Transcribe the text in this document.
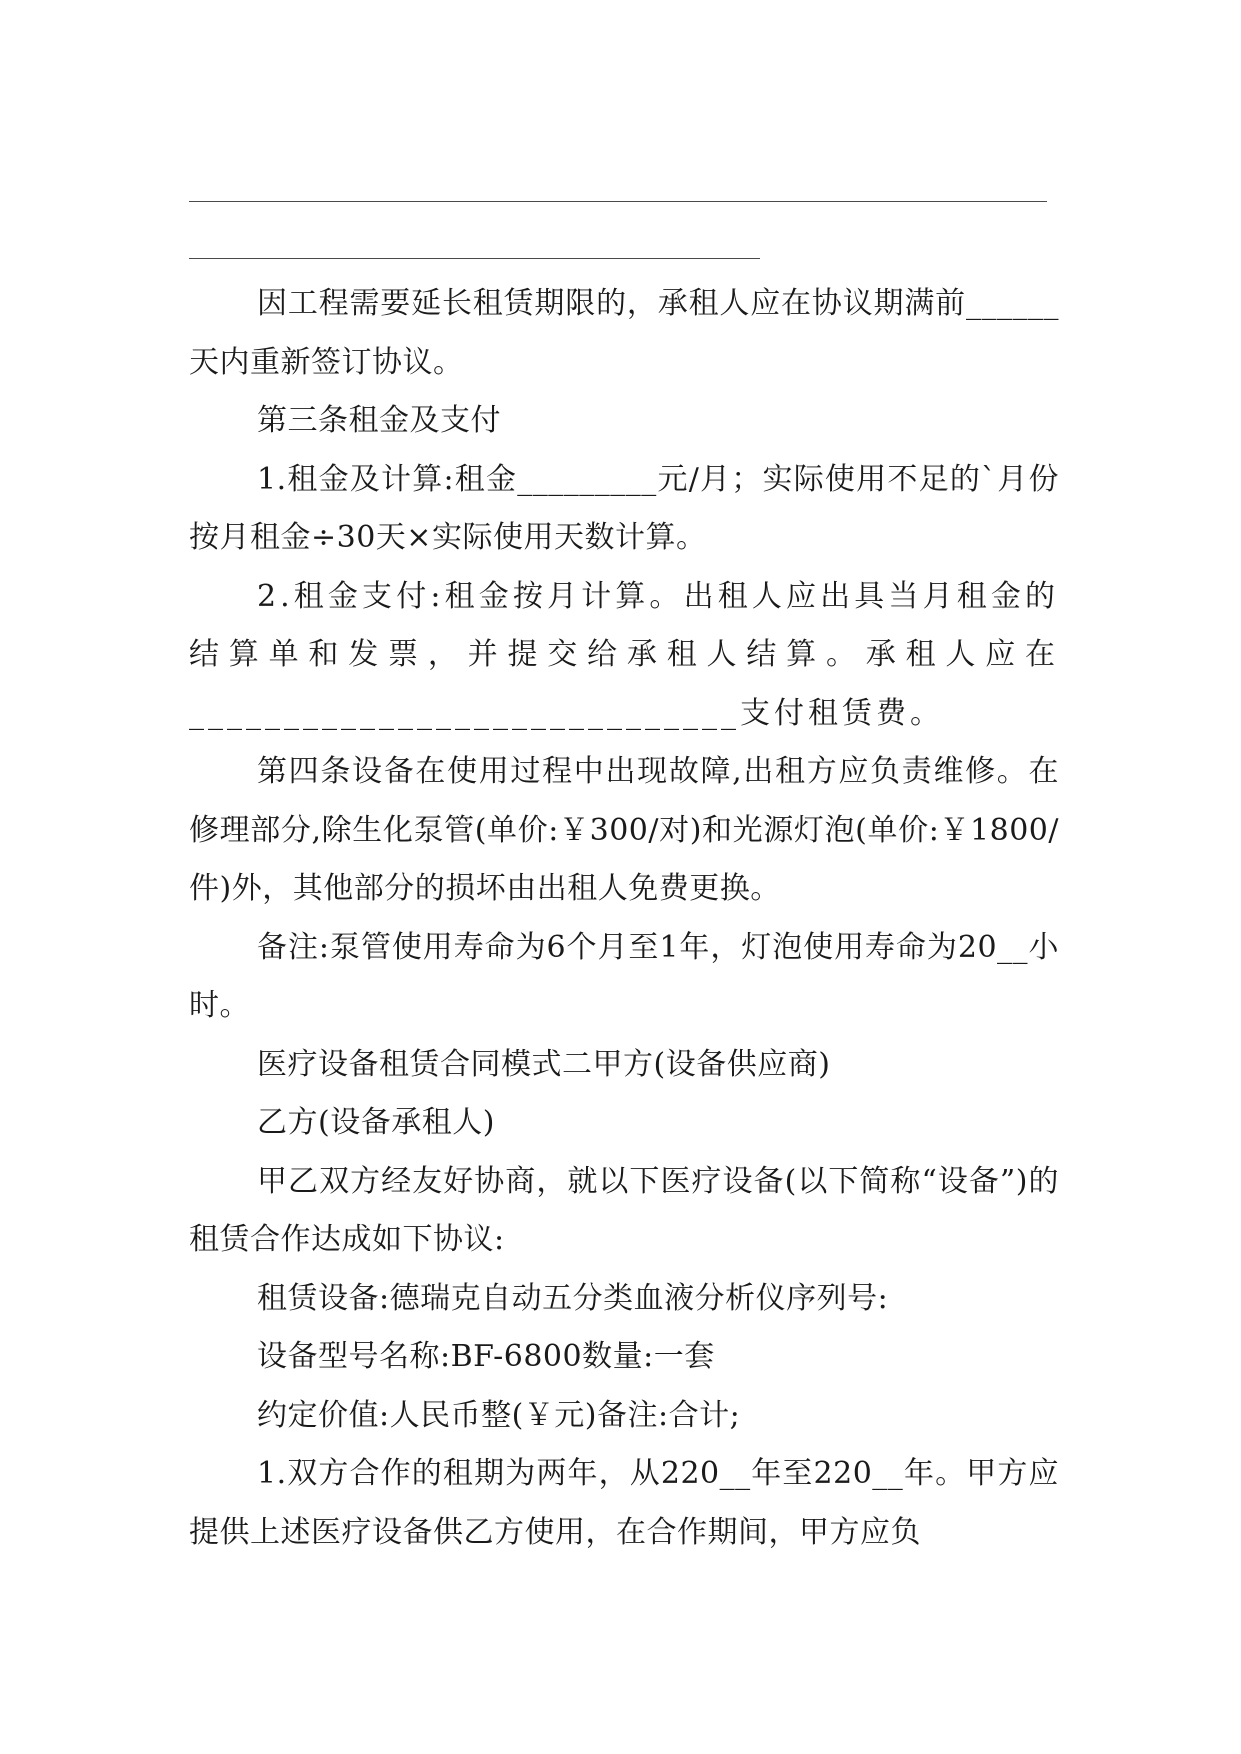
因工程需要延长租赁期限的，承租人应在协议期满前______天内重新签订协议。

第三条租金及支付

1.租金及计算:租金_________元/月；实际使用不足的`月份按月租金÷30天×实际使用天数计算。

2.租金支付:租金按月计算。出租人应出具当月租金的结算单和发票，并提交给承租人结算。承租人应在_____________________________支付租赁费。

第四条设备在使用过程中出现故障,出租方应负责维修。在修理部分,除生化泵管(单价:￥300/对)和光源灯泡(单价:￥1800/件)外，其他部分的损坏由出租人免费更换。

备注:泵管使用寿命为6个月至1年，灯泡使用寿命为20__小时。

医疗设备租赁合同模式二甲方(设备供应商)

乙方(设备承租人)

甲乙双方经友好协商，就以下医疗设备(以下简称“设备”)的租赁合作达成如下协议:

租赁设备:德瑞克自动五分类血液分析仪序列号:

设备型号名称:BF-6800数量:一套

约定价值:人民币整(￥元)备注:合计;

1.双方合作的租期为两年，从220__年至220__年。甲方应提供上述医疗设备供乙方使用，在合作期间，甲方应负
